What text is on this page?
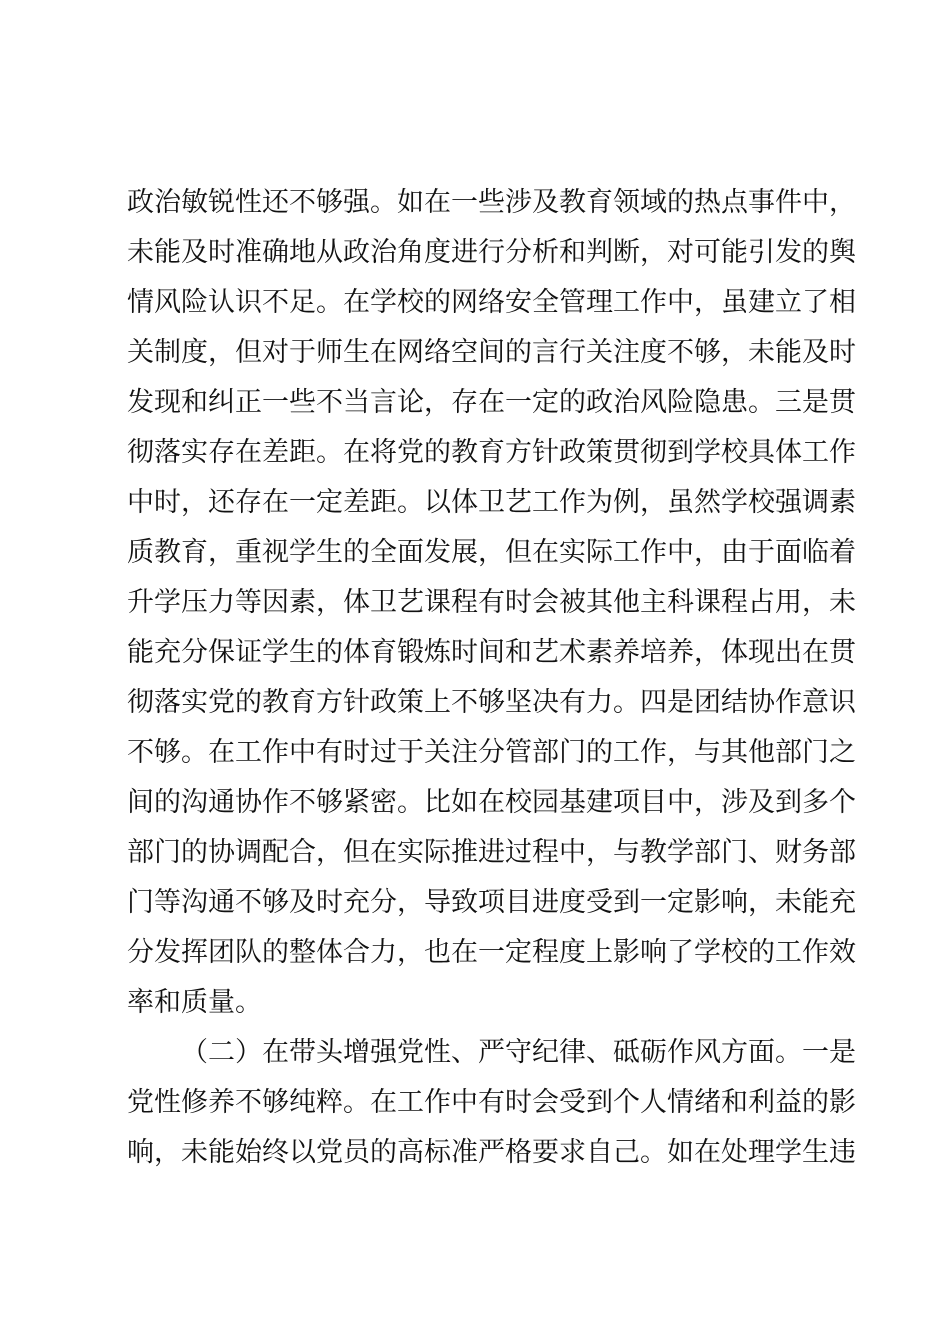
政治敏锐性还不够强。如在一些涉及教育领域的热点事件中，
未能及时准确地从政治角度进行分析和判断，对可能引发的舆
情风险认识不足。在学校的网络安全管理工作中，虽建立了相
关制度，但对于师生在网络空间的言行关注度不够，未能及时
发现和纠正一些不当言论，存在一定的政治风险隐患。三是贯
彻落实存在差距。在将党的教育方针政策贯彻到学校具体工作
中时，还存在一定差距。以体卫艺工作为例，虽然学校强调素
质教育，重视学生的全面发展，但在实际工作中，由于面临着
升学压力等因素，体卫艺课程有时会被其他主科课程占用，未
能充分保证学生的体育锻炼时间和艺术素养培养，体现出在贯
彻落实党的教育方针政策上不够坚决有力。四是团结协作意识
不够。在工作中有时过于关注分管部门的工作，与其他部门之
间的沟通协作不够紧密。比如在校园基建项目中，涉及到多个
部门的协调配合，但在实际推进过程中，与教学部门、财务部
门等沟通不够及时充分，导致项目进度受到一定影响，未能充
分发挥团队的整体合力，也在一定程度上影响了学校的工作效
率和质量。
（二）在带头增强党性、严守纪律、砥砺作风方面。一是
党性修养不够纯粹。在工作中有时会受到个人情绪和利益的影
响，未能始终以党员的高标准严格要求自己。如在处理学生违
